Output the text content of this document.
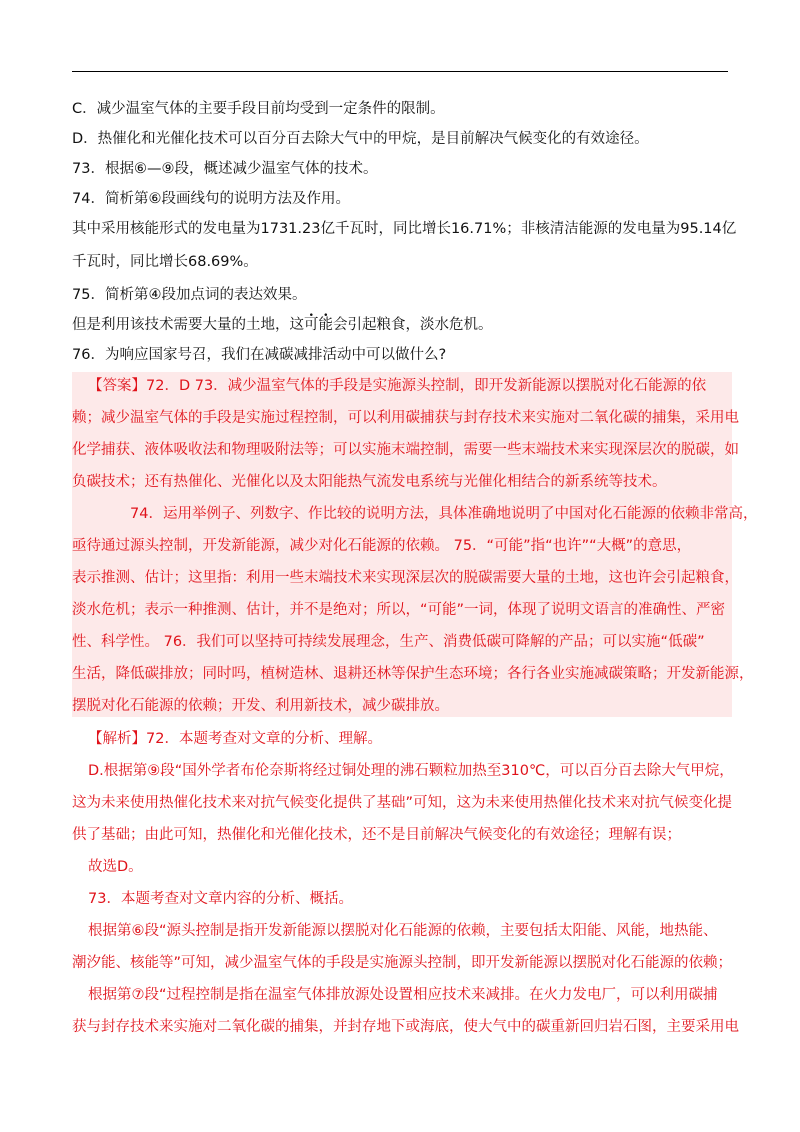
C．减少温室气体的主要手段目前均受到一定条件的限制。
D．热催化和光催化技术可以百分百去除大气中的甲烷，是目前解决气候变化的有效途径。
73．根据⑥—⑨段，概述减少温室气体的技术。
74．简析第⑥段画线句的说明方法及作用。
其中采用核能形式的发电量为1731.23亿千瓦时，同比增长16.71%；非核清洁能源的发电量为95.14亿
千瓦时，同比增长68.69%。
75．简析第④段加点词的表达效果。
但是利用该技术需要大量的土地，这可能会引起粮食，淡水危机。
76．为响应国家号召，我们在减碳减排活动中可以做什么?
【答案】72．D 73．减少温室气体的手段是实施源头控制，即开发新能源以摆脱对化石能源的依
赖；减少温室气体的手段是实施过程控制，可以利用碳捕获与封存技术来实施对二氧化碳的捕集，采用电
化学捕获、液体吸收法和物理吸附法等；可以实施末端控制，需要一些末端技术来实现深层次的脱碳，如
负碳技术；还有热催化、光催化以及太阳能热气流发电系统与光催化相结合的新系统等技术。
74．运用举例子、列数字、作比较的说明方法，具体准确地说明了中国对化石能源的依赖非常高，
亟待通过源头控制，开发新能源，减少对化石能源的依赖。 75．“可能”指“也许”“大概”的意思，
表示推测、估计；这里指：利用一些末端技术来实现深层次的脱碳需要大量的土地，这也许会引起粮食，
淡水危机；表示一种推测、估计，并不是绝对；所以，“可能”一词，体现了说明文语言的准确性、严密
性、科学性。 76．我们可以坚持可持续发展理念，生产、消费低碳可降解的产品；可以实施“低碳”
生活，降低碳排放；同时吗，植树造林、退耕还林等保护生态环境；各行各业实施减碳策略；开发新能源，
摆脱对化石能源的依赖；开发、利用新技术，减少碳排放。
【解析】72．本题考查对文章的分析、理解。
D.根据第⑨段“国外学者布伦奈斯将经过铜处理的沸石颗粒加热至310℃，可以百分百去除大气甲烷，
这为未来使用热催化技术来对抗气候变化提供了基础”可知，这为未来使用热催化技术来对抗气候变化提
供了基础；由此可知，热催化和光催化技术，还不是目前解决气候变化的有效途径；理解有误；
故选D。
73．本题考查对文章内容的分析、概括。
根据第⑥段“源头控制是指开发新能源以摆脱对化石能源的依赖，主要包括太阳能、风能，地热能、
潮汐能、核能等”可知，减少温室气体的手段是实施源头控制，即开发新能源以摆脱对化石能源的依赖；
根据第⑦段“过程控制是指在温室气体排放源处设置相应技术来减排。在火力发电厂，可以利用碳捕
获与封存技术来实施对二氧化碳的捕集，并封存地下或海底，使大气中的碳重新回归岩石图，主要采用电
